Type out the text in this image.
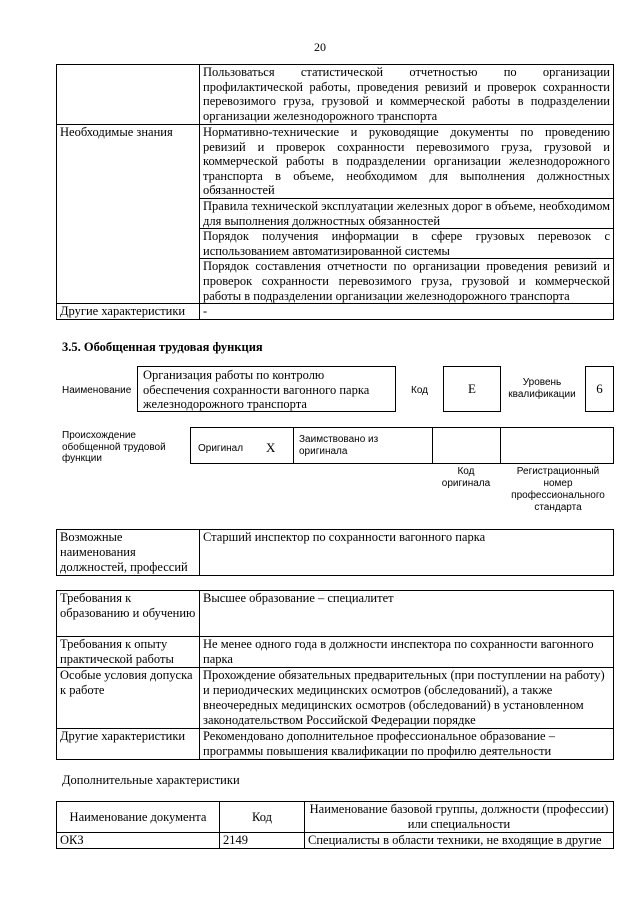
20
	Пользоваться статистической отчетностью по организации профилактической работы, проведения ревизий и проверок сохранности перевозимого груза, грузовой и коммерческой работы в подразделении организации железнодорожного транспорта
Необходимые знания	Нормативно-технические и руководящие документы по проведению ревизий и проверок сохранности перевозимого груза, грузовой и коммерческой работы в подразделении организации железнодорожного транспорта в объеме, необходимом для выполнения должностных обязанностей
	Правила технической эксплуатации железных дорог в объеме, необходимом для выполнения должностных обязанностей
	Порядок получения информации в сфере грузовых перевозок с использованием автоматизированной системы
	Порядок составления отчетности по организации проведения ревизий и проверок сохранности перевозимого груза, грузовой и коммерческой работы в подразделении организации железнодорожного транспорта
Другие характеристики	-
3.5. Обобщенная трудовая функция
Наименование
Организация работы по контролю обеспечения сохранности вагонного парка железнодорожного транспорта
Код	E	Уровень квалификации	6
Происхождение обобщенной трудовой функции
Оригинал X
Заимствовано из оригинала
Код оригинала
Регистрационный номер профессионального стандарта
Возможные наименования должностей, профессий	Старший инспектор по сохранности вагонного парка
Требования к образованию и обучению	Высшее образование – специалитет
Требования к опыту практической работы	Не менее одного года в должности инспектора по сохранности вагонного парка
Особые условия допуска к работе	Прохождение обязательных предварительных (при поступлении на работу) и периодических медицинских осмотров (обследований), а также внеочередных медицинских осмотров (обследований) в установленном законодательством Российской Федерации порядке
Другие характеристики	Рекомендовано дополнительное профессиональное образование – программы повышения квалификации по профилю деятельности
Дополнительные характеристики
Наименование документа	Код	Наименование базовой группы, должности (профессии) или специальности
ОКЗ	2149	Специалисты в области техники, не входящие в другие
